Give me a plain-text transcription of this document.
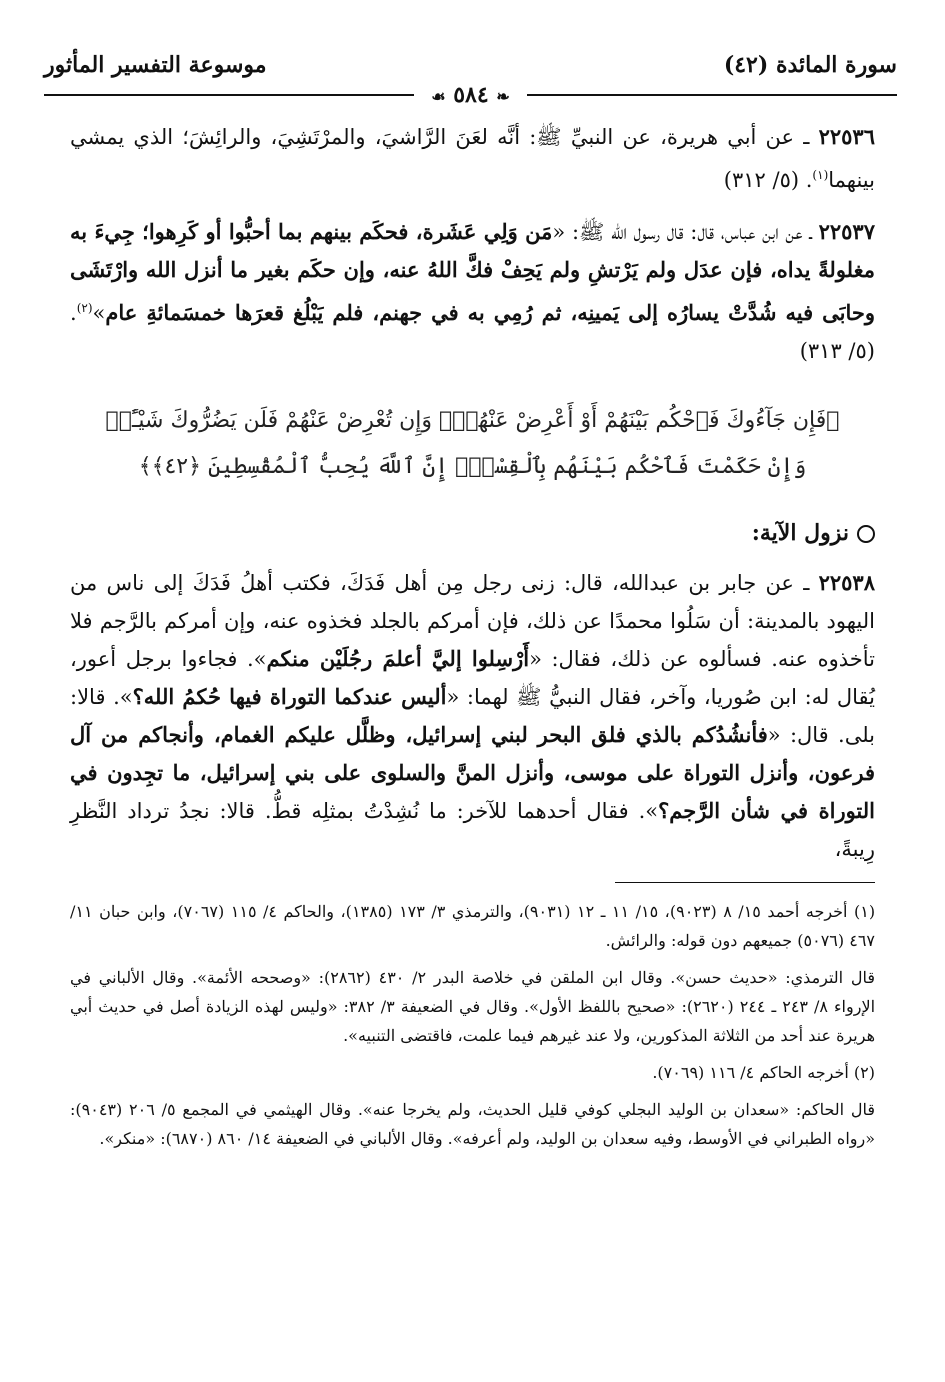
سورة المائدة (٤٢)
موسوعة التفسير المأثور
❧ ٥٨٤ ☙

٢٢٥٣٦ ـ عن أبي هريرة، عن النبيِّ ﷺ: أنَّه لعَنَ الرَّاشيَ، والمرْتَشِيَ، والرائِشَ؛ الذي يمشي بينهما$^{(١)}$. (٥/ ٣١٢)

٢٢٥٣٧ ـ عن ابن عباس، قال: قال رسول الله ﷺ: «مَن وَلِي عَشَرة، فحكَم بينهم بما أحبُّوا أو كَرِهوا؛ جِيءَ به مغلولةً يداه، فإن عدَل ولم يَرْتشِ ولم يَحِفْ فكَّ اللهُ عنه، وإن حكَم بغير ما أنزل الله وارْتَشَى وحابَى فيه شُدَّتْ يسارُه إلى يَمينِه، ثم رُمِي به في جهنم، فلم يَبْلُغ قعرَها خمسَمائةِ عام»$^{(٢)}$. (٥/ ٣١٣)

﴿فَإِن جَآءُوكَ فَٱحْكُم بَيْنَهُمْ أَوْ أَعْرِضْ عَنْهُمْۖ وَإِن تُعْرِضْ عَنْهُمْ فَلَن يَضُرُّوكَ شَيْـًٔاۖ
وَإِنْ حَكَمْتَ فَٱحْكُم بَيْنَهُم بِٱلْقِسْطِۚ إِنَّ ٱللَّهَ يُحِبُّ ٱلْمُقْسِطِينَ ﴿٤٢﴾﴾
نزول الآية:

٢٢٥٣٨ ـ عن جابر بن عبدالله، قال: زنى رجل مِن أهل فَدَكَ، فكتب أهلُ فَدَكَ إلى ناس من اليهود بالمدينة: أن سَلُوا محمدًا عن ذلك، فإن أمركم بالجلد فخذوه عنه، وإن أمركم بالرَّجم فلا تأخذوه عنه. فسألوه عن ذلك، فقال: «أَرْسِلوا إليَّ أعلمَ رجُلَيْن منكم». فجاءوا برجل أعور، يُقال له: ابن صُوريا، وآخر، فقال النبيُّ ﷺ لهما: «أليس عندكما التوراة فيها حُكمُ الله؟». قالا: بلى. قال: «فأنشُدُكم بالذي فلق البحر لبني إسرائيل، وظلَّل عليكم الغمام، وأنجاكم من آل فرعون، وأنزل التوراة على موسى، وأنزل المنَّ والسلوى على بني إسرائيل، ما تجِدون في التوراة في شأن الرَّجم؟». فقال أحدهما للآخر: ما نُشِدْتُ بمثلِه قطُّ. قالا: نجدُ ترداد النَّظرِ رِيبةً،

(١) أخرجه أحمد ١٥/ ٨ (٩٠٢٣)، ١٥/ ١١ ـ ١٢ (٩٠٣١)، والترمذي ٣/ ١٧٣ (١٣٨٥)، والحاكم ٤/ ١١٥ (٧٠٦٧)، وابن حبان ١١/ ٤٦٧ (٥٠٧٦) جميعهم دون قوله: والرائش.

قال الترمذي: «حديث حسن». وقال ابن الملقن في خلاصة البدر ٢/ ٤٣٠ (٢٨٦٢): «وصححه الأئمة». وقال الألباني في الإرواء ٨/ ٢٤٣ ـ ٢٤٤ (٢٦٢٠): «صحيح باللفظ الأول». وقال في الضعيفة ٣/ ٣٨٢: «وليس لهذه الزيادة أصل في حديث أبي هريرة عند أحد من الثلاثة المذكورين، ولا عند غيرهم فيما علمت، فاقتضى التنبيه».

(٢) أخرجه الحاكم ٤/ ١١٦ (٧٠٦٩).

قال الحاكم: «سعدان بن الوليد البجلي كوفي قليل الحديث، ولم يخرجا عنه». وقال الهيثمي في المجمع ٥/ ٢٠٦ (٩٠٤٣): «رواه الطبراني في الأوسط، وفيه سعدان بن الوليد، ولم أعرفه». وقال الألباني في الضعيفة ١٤/ ٨٦٠ (٦٨٧٠): «منكر».
